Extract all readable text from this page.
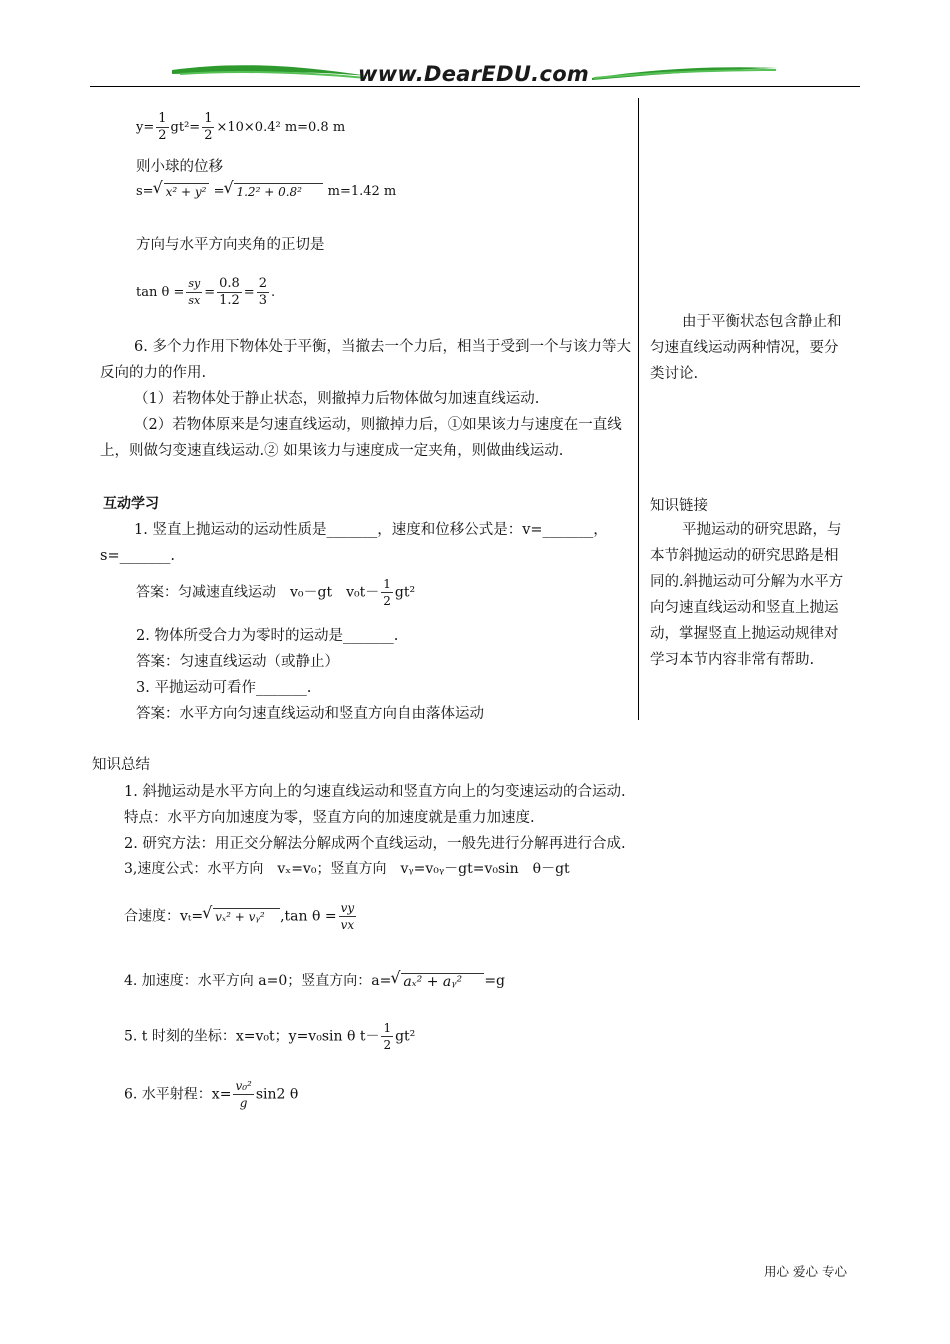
www.DearEDU.com
$y= \frac{1}{2} gt^2= \frac{1}{2} \times 10\times 0.4^2$ m=0.8 m
则小球的位移
s= √ x² + y² = √ 1.2² + 0.8² m=1.42 m
方向与水平方向夹角的正切是
$\tan \theta = \frac{sy}{sx} = \frac{0.8}{1.2} = \frac{2}{3}$ .
6. 多个力作用下物体处于平衡，当撤去一个力后，相当于受到一个与该力等大反向的力的作用.
（1）若物体处于静止状态，则撤掉力后物体做匀加速直线运动.
（2）若物体原来是匀速直线运动，则撤掉力后，①如果该力与速度在一直线上，则做匀变速直线运动.② 如果该力与速度成一定夹角，则做曲线运动.
互动学习
1. 竖直上抛运动的运动性质是_______，速度和位移公式是：v=_______，s=_______.
答案：匀减速直线运动　v₀－gt　$v_0t- \frac{1}{2} gt^2$
2. 物体所受合力为零时的运动是_______.
答案：匀速直线运动（或静止）
3. 平抛运动可看作_______.
答案：水平方向匀速直线运动和竖直方向自由落体运动
由于平衡状态包含静止和匀速直线运动两种情况，要分类讨论.
知识链接
平抛运动的研究思路，与本节斜抛运动的研究思路是相同的.斜抛运动可分解为水平方向匀速直线运动和竖直上抛运动，掌握竖直上抛运动规律对学习本节内容非常有帮助.
知识总结
1. 斜抛运动是水平方向上的匀速直线运动和竖直方向上的匀变速运动的合运动.
特点：水平方向加速度为零，竖直方向的加速度就是重力加速度.
2. 研究方法：用正交分解法分解成两个直线运动，一般先进行分解再进行合成.
3,速度公式：水平方向　vₓ=v₀；竖直方向　vᵧ=v₀ᵧ－gt=v₀sin　θ－gt
合速度：vₜ= √ vₓ² + vᵧ² ,tan $\theta = \frac{vy}{vx}$
4. 加速度：水平方向 a=0；竖直方向：a= √ aₓ² + aᵧ² =g
5. t 时刻的坐标：x=v₀t；y=v₀sin θ $t- \frac{1}{2} gt^2$
6. 水平射程：$x= \frac{\text{v₀²}}{g} \sin 2$ θ
用心 爱心 专心
